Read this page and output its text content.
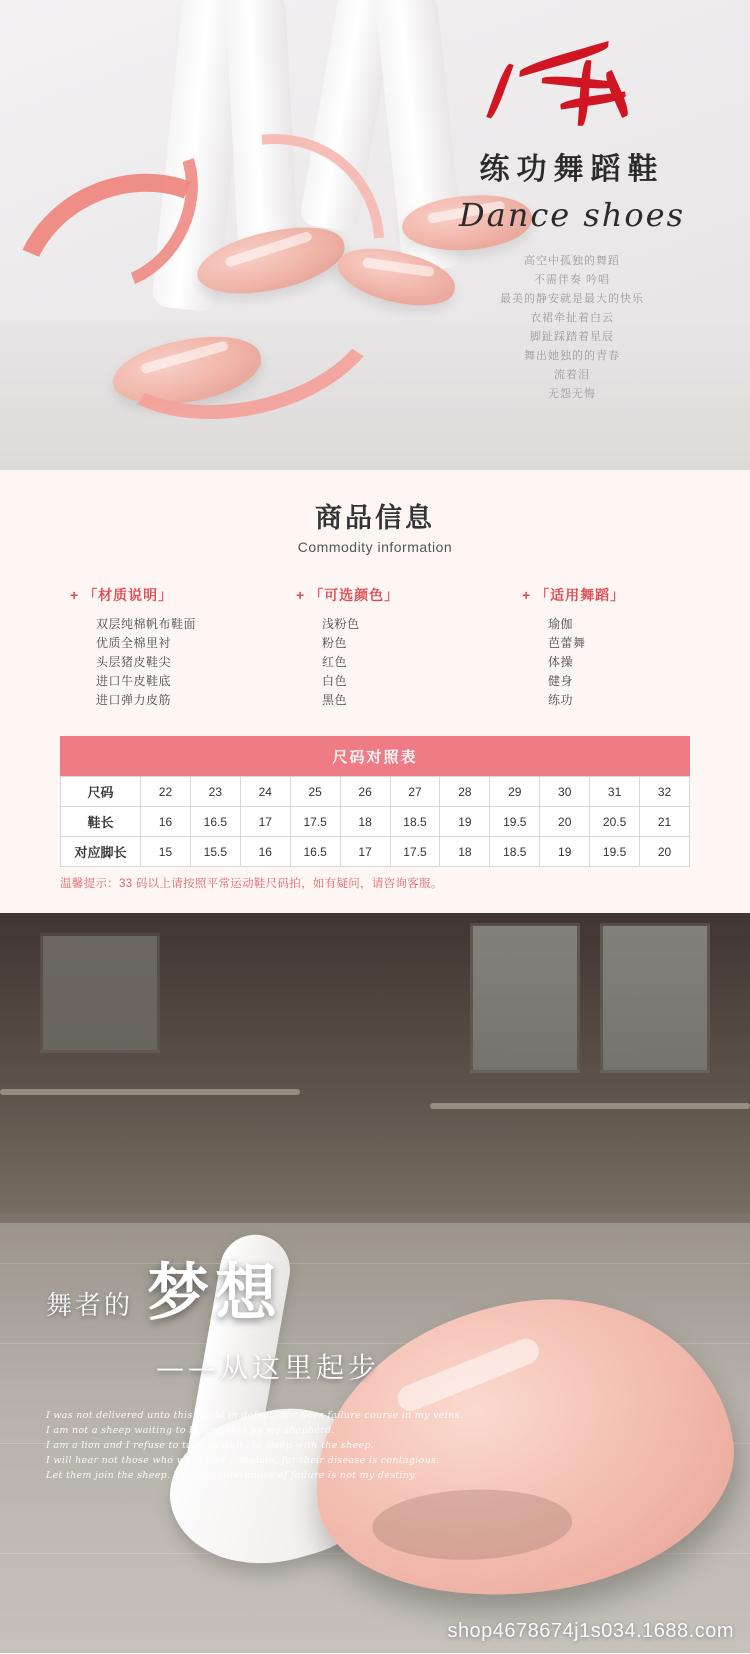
练功舞蹈鞋
Dance shoes
高空中孤独的舞蹈
不需伴奏 吟唱
最美的静安就是最大的快乐
衣裙牵扯着白云
脚趾踩踏着星辰
舞出她独的的青春
流着泪
无怨无悔
商品信息
Commodity information
+ 「材质说明」
双层纯棉帆布鞋面
优质全棉里衬
头层猪皮鞋尖
进口牛皮鞋底
进口弹力皮筋
+ 「可选颜色」
浅粉色
粉色
红色
白色
黑色
+ 「适用舞蹈」
瑜伽
芭蕾舞
体操
健身
练功
尺码对照表
尺码	22	23	24	25	26	27	28	29	30	31	32
鞋长	16	16.5	17	17.5	18	18.5	19	19.5	20	20.5	21
对应脚长	15	15.5	16	16.5	17	17.5	18	18.5	19	19.5	20
温馨提示：33 码以上请按照平常运动鞋尺码拍，如有疑问，请咨询客服。
舞者的 梦想
——从这里起步
I was not delivered unto this world in defeat, nor does failure course in my veins.
I am not a sheep waiting to be prodded by my shepherd.
I am a lion and I refuse to talk, to walk, to sleep with the sheep.
I will hear not those who weep and complain, for their disease is contagious.
Let them join the sheep. The slaughterhouse of failure is not my destiny.
shop4678674j1s034.1688.com
